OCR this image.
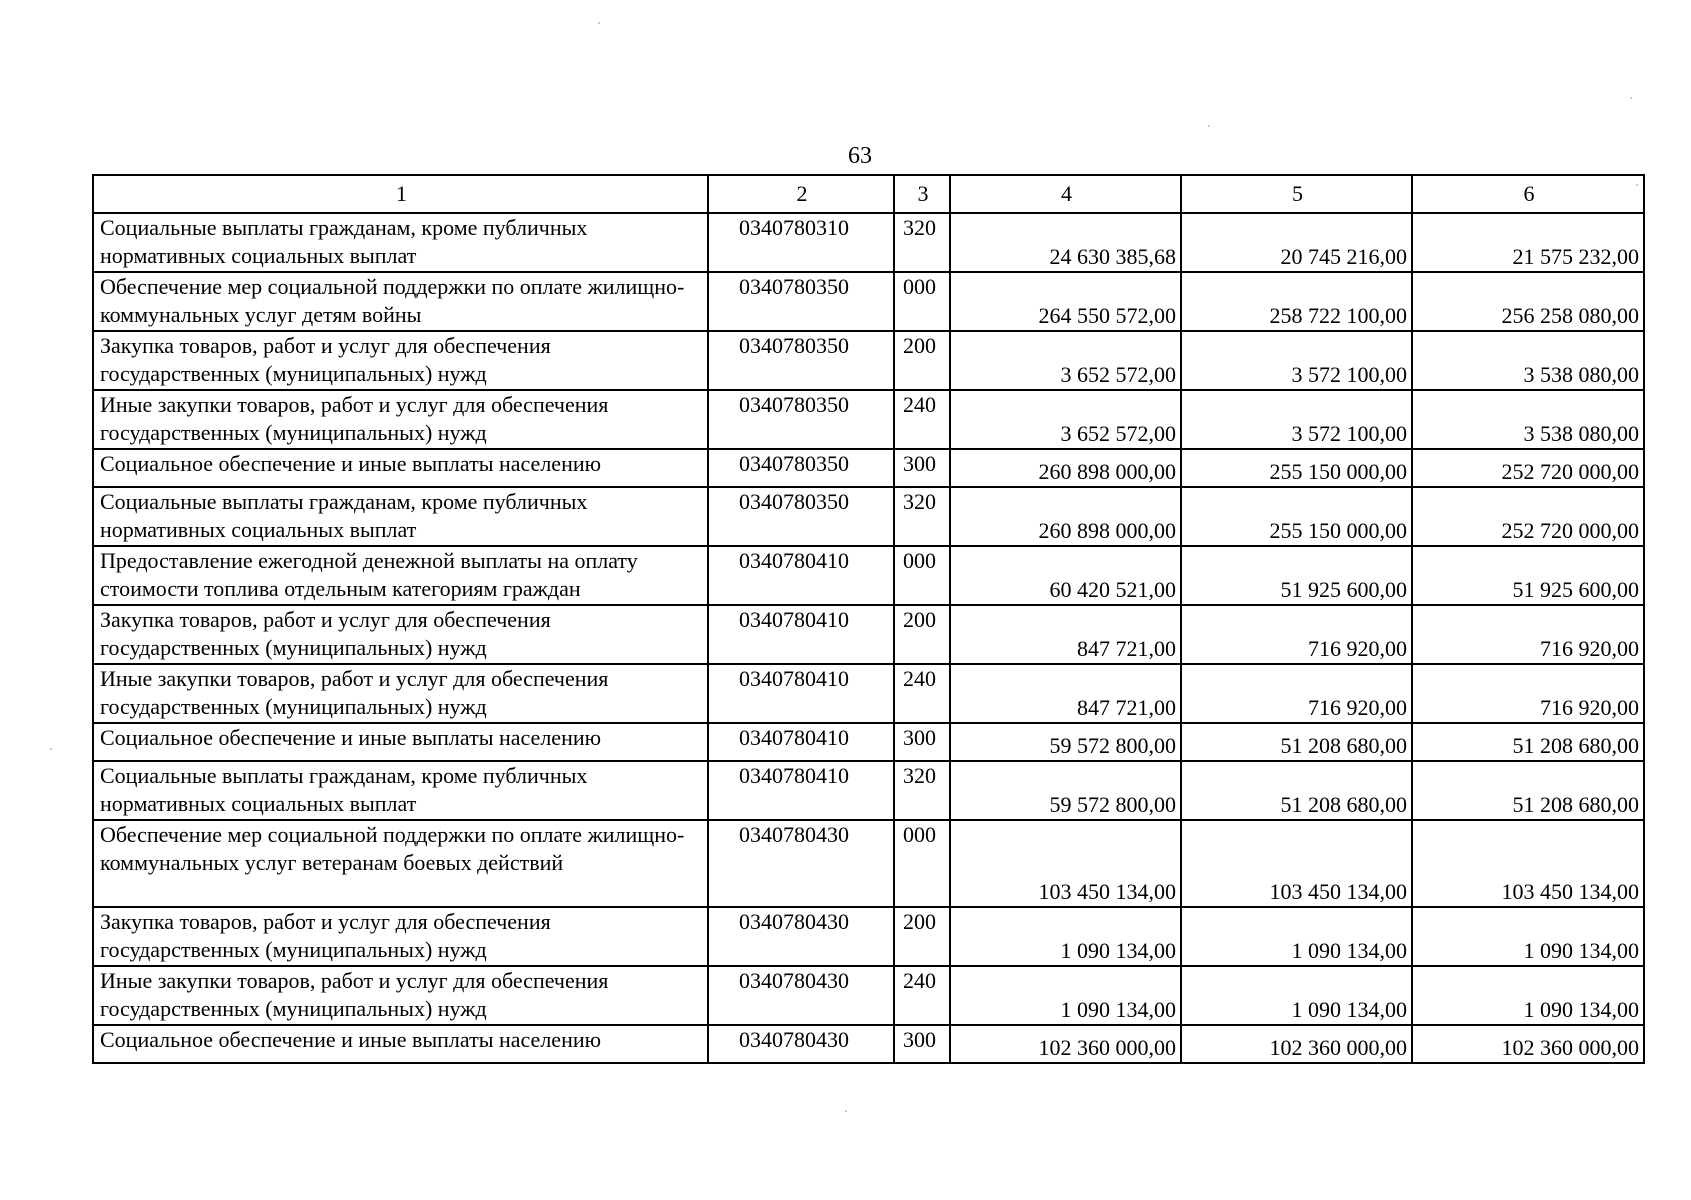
63
1	2	3	4	5	6
Социальные выплаты гражданам, кроме публичных нормативных социальных выплат	0340780310	320	24 630 385,68	20 745 216,00	21 575 232,00
Обеспечение мер социальной поддержки по оплате жилищно-коммунальных услуг детям войны	0340780350	000	264 550 572,00	258 722 100,00	256 258 080,00
Закупка товаров, работ и услуг для обеспечения государственных (муниципальных) нужд	0340780350	200	3 652 572,00	3 572 100,00	3 538 080,00
Иные закупки товаров, работ и услуг для обеспечения государственных (муниципальных) нужд	0340780350	240	3 652 572,00	3 572 100,00	3 538 080,00
Социальное обеспечение и иные выплаты населению	0340780350	300	260 898 000,00	255 150 000,00	252 720 000,00
Социальные выплаты гражданам, кроме публичных нормативных социальных выплат	0340780350	320	260 898 000,00	255 150 000,00	252 720 000,00
Предоставление ежегодной денежной выплаты на оплату стоимости топлива отдельным категориям граждан	0340780410	000	60 420 521,00	51 925 600,00	51 925 600,00
Закупка товаров, работ и услуг для обеспечения государственных (муниципальных) нужд	0340780410	200	847 721,00	716 920,00	716 920,00
Иные закупки товаров, работ и услуг для обеспечения государственных (муниципальных) нужд	0340780410	240	847 721,00	716 920,00	716 920,00
Социальное обеспечение и иные выплаты населению	0340780410	300	59 572 800,00	51 208 680,00	51 208 680,00
Социальные выплаты гражданам, кроме публичных нормативных социальных выплат	0340780410	320	59 572 800,00	51 208 680,00	51 208 680,00
Обеспечение мер социальной поддержки по оплате жилищно-коммунальных услуг ветеранам боевых действий	0340780430	000	103 450 134,00	103 450 134,00	103 450 134,00
Закупка товаров, работ и услуг для обеспечения государственных (муниципальных) нужд	0340780430	200	1 090 134,00	1 090 134,00	1 090 134,00
Иные закупки товаров, работ и услуг для обеспечения государственных (муниципальных) нужд	0340780430	240	1 090 134,00	1 090 134,00	1 090 134,00
Социальное обеспечение и иные выплаты населению	0340780430	300	102 360 000,00	102 360 000,00	102 360 000,00
